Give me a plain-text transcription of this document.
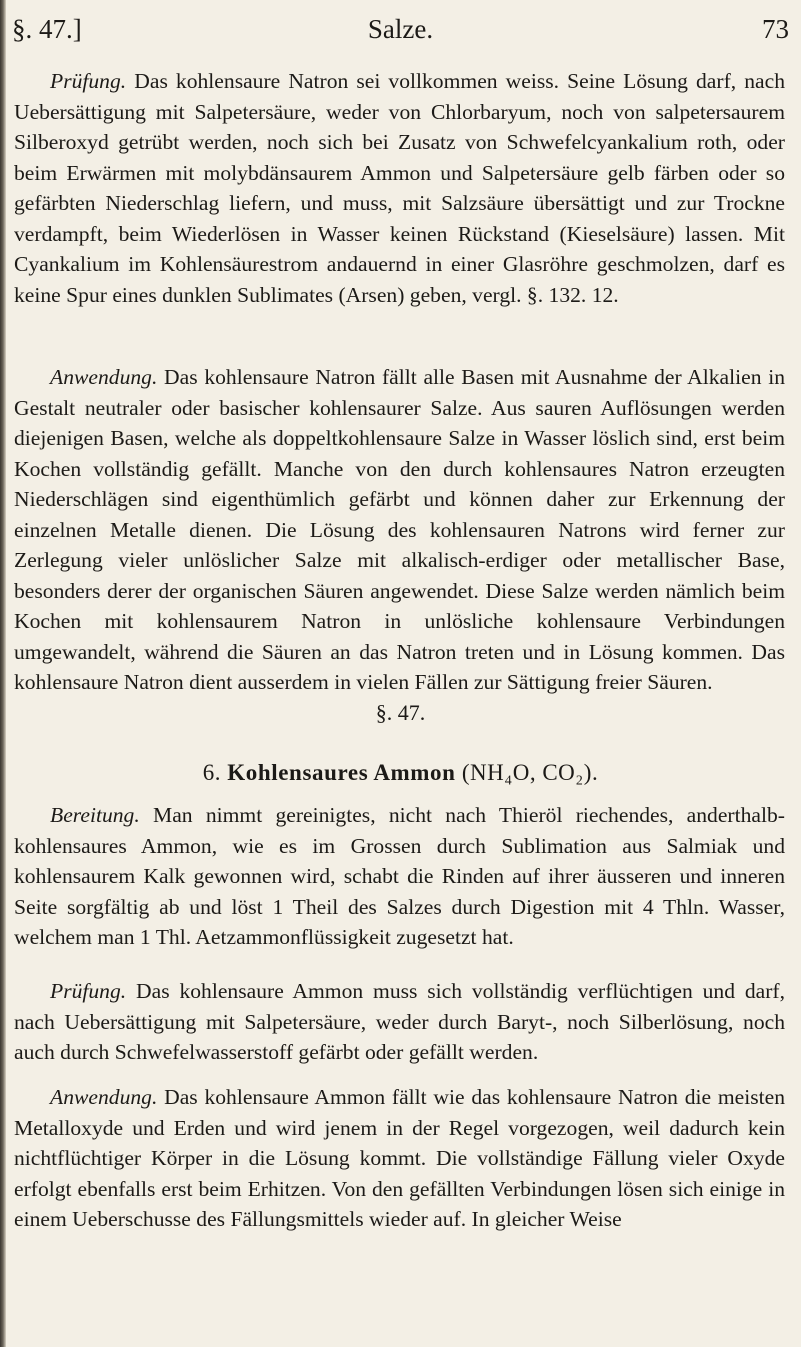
§. 47.]	Salze.	73

Prüfung. Das kohlensaure Natron sei vollkommen weiss. Seine Lösung darf, nach Uebersättigung mit Salpetersäure, weder von Chlorbaryum, noch von salpetersaurem Silberoxyd getrübt werden, noch sich bei Zusatz von Schwefelcyankalium roth, oder beim Erwärmen mit molybdänsaurem Ammon und Salpetersäure gelb färben oder so gefärbten Niederschlag liefern, und muss, mit Salzsäure übersättigt und zur Trockne verdampft, beim Wiederlösen in Wasser keinen Rückstand (Kieselsäure) lassen. Mit Cyankalium im Kohlensäurestrom andauernd in einer Glasröhre geschmolzen, darf es keine Spur eines dunklen Sublimates (Arsen) geben, vergl. §. 132. 12.

Anwendung. Das kohlensaure Natron fällt alle Basen mit Ausnahme der Alkalien in Gestalt neutraler oder basischer kohlensaurer Salze. Aus sauren Auflösungen werden diejenigen Basen, welche als doppeltkohlensaure Salze in Wasser löslich sind, erst beim Kochen vollständig gefällt. Manche von den durch kohlensaures Natron erzeugten Niederschlägen sind eigenthümlich gefärbt und können daher zur Erkennung der einzelnen Metalle dienen. Die Lösung des kohlensauren Natrons wird ferner zur Zerlegung vieler unlöslicher Salze mit alkalisch-erdiger oder metallischer Base, besonders derer der organischen Säuren angewendet. Diese Salze werden nämlich beim Kochen mit kohlensaurem Natron in unlösliche kohlensaure Verbindungen umgewandelt, während die Säuren an das Natron treten und in Lösung kommen. Das kohlensaure Natron dient ausserdem in vielen Fällen zur Sättigung freier Säuren.

§. 47.
6. Kohlensaures Ammon (NH₄O, CO₂).

Bereitung. Man nimmt gereinigtes, nicht nach Thieröl riechendes, anderthalb-kohlensaures Ammon, wie es im Grossen durch Sublimation aus Salmiak und kohlensaurem Kalk gewonnen wird, schabt die Rinden auf ihrer äusseren und inneren Seite sorgfältig ab und löst 1 Theil des Salzes durch Digestion mit 4 Thln. Wasser, welchem man 1 Thl. Aetzammonflüssigkeit zugesetzt hat.

Prüfung. Das kohlensaure Ammon muss sich vollständig verflüchtigen und darf, nach Uebersättigung mit Salpetersäure, weder durch Baryt-, noch Silberlösung, noch auch durch Schwefelwasserstoff gefärbt oder gefällt werden.

Anwendung. Das kohlensaure Ammon fällt wie das kohlensaure Natron die meisten Metalloxyde und Erden und wird jenem in der Regel vorgezogen, weil dadurch kein nichtflüchtiger Körper in die Lösung kommt. Die vollständige Fällung vieler Oxyde erfolgt ebenfalls erst beim Erhitzen. Von den gefällten Verbindungen lösen sich einige in einem Ueberschusse des Fällungsmittels wieder auf. In gleicher Weise
